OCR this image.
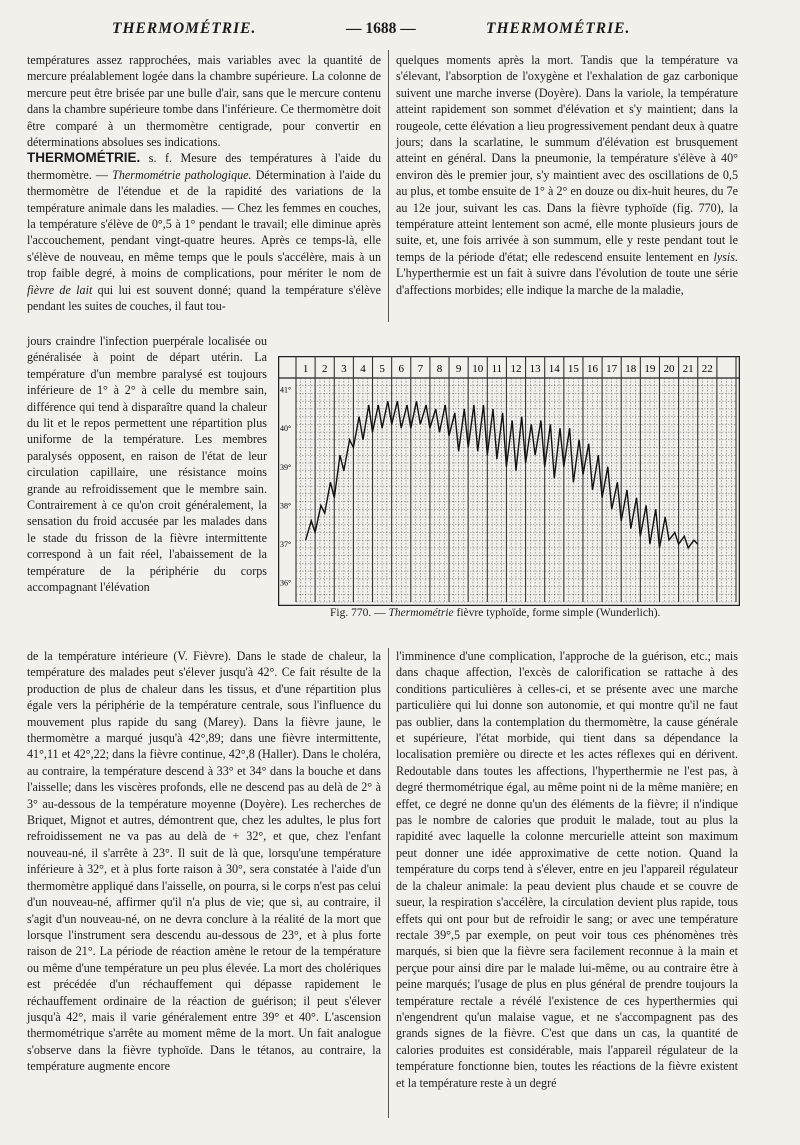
THERMOMÉTRIE.	— 1688 —	THERMOMÉTRIE.

températures assez rapprochées, mais variables avec la quantité de mercure préalablement logée dans la chambre supérieure. La colonne de mercure peut être brisée par une bulle d'air, sans que le mercure contenu dans la chambre supérieure tombe dans l'inférieure. Ce thermomètre doit être comparé à un thermomètre centigrade, pour convertir en déterminations absolues ses indications.

THERMOMÉTRIE. s. f. Mesure des températures à l'aide du thermomètre. — Thermométrie pathologique. Détermination à l'aide du thermomètre de l'étendue et de la rapidité des variations de la température animale dans les maladies. — Chez les femmes en couches, la température s'élève de 0°,5 à 1° pendant le travail; elle diminue après l'accouchement, pendant vingt-quatre heures. Après ce temps-là, elle s'élève de nouveau, en même temps que le pouls s'accélère, mais à un trop faible degré, à moins de complications, pour mériter le nom de fièvre de lait qui lui est souvent donné; quand la température s'élève pendant les suites de couches, il faut tou-

jours craindre l'infection puerpérale localisée ou généralisée à point de départ utérin. La température d'un membre paralysé est toujours inférieure de 1° à 2° à celle du membre sain, différence qui tend à disparaître quand la chaleur du lit et le repos permettent une répartition plus uniforme de la température. Les membres paralysés opposent, en raison de l'état de leur circulation capillaire, une résistance moins grande au refroidissement que le membre sain. Contrairement à ce qu'on croit généralement, la sensation du froid accusée par les malades dans le stade du frisson de la fièvre intermittente correspond à un fait réel, l'abaissement de la température de la périphérie du corps accompagnant l'élévation

quelques moments après la mort. Tandis que la température va s'élevant, l'absorption de l'oxygène et l'exhalation de gaz carbonique suivent une marche inverse (Doyère). Dans la variole, la température atteint rapidement son sommet d'élévation et s'y maintient; dans la rougeole, cette élévation a lieu progressivement pendant deux à quatre jours; dans la scarlatine, le summum d'élévation est brusquement atteint en général. Dans la pneumonie, la température s'élève à 40° environ dès le premier jour, s'y maintient avec des oscillations de 0,5 au plus, et tombe ensuite de 1° à 2° en douze ou dix-huit heures, du 7e au 12e jour, suivant les cas. Dans la fièvre typhoïde (fig. 770), la température atteint lentement son acmé, elle monte plusieurs jours de suite, et, une fois arrivée à son summum, elle y reste pendant tout le temps de la période d'état; elle redescend ensuite lentement en lysis. L'hyperthermie est un fait à suivre dans l'évolution de toute une série d'affections morbides; elle indique la marche de la maladie,

1 2 3 4 5 6 7 8 9 10 11 12 13 14 15 16 17 18 19 20 21 22
41°
40°
39°
38°
37°
36°
Fig. 770. — Thermométrie fièvre typhoïde, forme simple (Wunderlich).

de la température intérieure (V. Fièvre). Dans le stade de chaleur, la température des malades peut s'élever jusqu'à 42°. Ce fait résulte de la production de plus de chaleur dans les tissus, et d'une répartition plus égale vers la périphérie de la température centrale, sous l'influence du mouvement plus rapide du sang (Marey). Dans la fièvre jaune, le thermomètre a marqué jusqu'à 42°,89; dans une fièvre intermittente, 41°,11 et 42°,22; dans la fièvre continue, 42°,8 (Haller). Dans le choléra, au contraire, la température descend à 33° et 34° dans la bouche et dans l'aisselle; dans les viscères profonds, elle ne descend pas au delà de 2° à 3° au-dessous de la température moyenne (Doyère). Les recherches de Briquet, Mignot et autres, démontrent que, chez les adultes, le plus fort refroidissement ne va pas au delà de + 32°, et que, chez l'enfant nouveau-né, il s'arrête à 23°. Il suit de là que, lorsqu'une température inférieure à 32°, et à plus forte raison à 30°, sera constatée à l'aide d'un thermomètre appliqué dans l'aisselle, on pourra, si le corps n'est pas celui d'un nouveau-né, affirmer qu'il n'a plus de vie; que si, au contraire, il s'agit d'un nouveau-né, on ne devra conclure à la réalité de la mort que lorsque l'instrument sera descendu au-dessous de 23°, et à plus forte raison de 21°. La période de réaction amène le retour de la température ou même d'une température un peu plus élevée. La mort des cholériques est précédée d'un réchauffement qui dépasse rapidement le réchauffement ordinaire de la réaction de guérison; il peut s'élever jusqu'à 42°, mais il varie généralement entre 39° et 40°. L'ascension thermométrique s'arrête au moment même de la mort. Un fait analogue s'observe dans la fièvre typhoïde. Dans le tétanos, au contraire, la température augmente encore

l'imminence d'une complication, l'approche de la guérison, etc.; mais dans chaque affection, l'excès de calorification se rattache à des conditions particulières à celles-ci, et se présente avec une marche particulière qui lui donne son autonomie, et qui montre qu'il ne faut pas oublier, dans la contemplation du thermomètre, la cause générale et supérieure, l'état morbide, qui tient dans sa dépendance la localisation première ou directe et les actes réflexes qui en dérivent. Redoutable dans toutes les affections, l'hyperthermie ne l'est pas, à degré thermométrique égal, au même point ni de la même manière; en effet, ce degré ne donne qu'un des éléments de la fièvre; il n'indique pas le nombre de calories que produit le malade, tout au plus la rapidité avec laquelle la colonne mercurielle atteint son maximum peut donner une idée approximative de cette notion. Quand la température du corps tend à s'élever, entre en jeu l'appareil régulateur de la chaleur animale: la peau devient plus chaude et se couvre de sueur, la respiration s'accélère, la circulation devient plus rapide, tous effets qui ont pour but de refroidir le sang; or avec une température rectale 39°,5 par exemple, on peut voir tous ces phénomènes très marqués, si bien que la fièvre sera facilement reconnue à la main et perçue pour ainsi dire par le malade lui-même, ou au contraire être à peine marqués; l'usage de plus en plus général de prendre toujours la température rectale a révélé l'existence de ces hyperthermies qui n'engendrent qu'un malaise vague, et ne s'accompagnent pas des grands signes de la fièvre. C'est que dans un cas, la quantité de calories produites est considérable, mais l'appareil régulateur de la température fonctionne bien, toutes les réactions de la fièvre existent et la température reste à un degré
